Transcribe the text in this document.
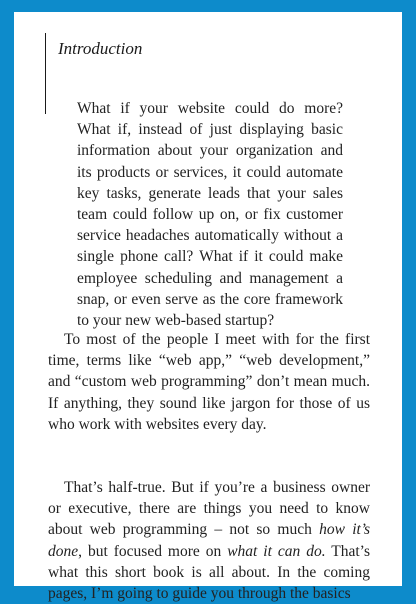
Introduction

What if your website could do more? What if, instead of just displaying basic information about your organization and its products or services, it could automate key tasks, generate leads that your sales team could follow up on, or fix customer service headaches automatically without a single phone call? What if it could make employee scheduling and management a snap, or even serve as the core framework to your new web-based startup?

To most of the people I meet with for the first time, terms like “web app,” “web development,” and “custom web programming” don’t mean much. If anything, they sound like jargon for those of us who work with websites every day.

That’s half-true. But if you’re a business owner or executive, there are things you need to know about web programming – not so much how it’s done, but focused more on what it can do. That’s what this short book is all about. In the coming pages, I’m going to guide you through the basics
